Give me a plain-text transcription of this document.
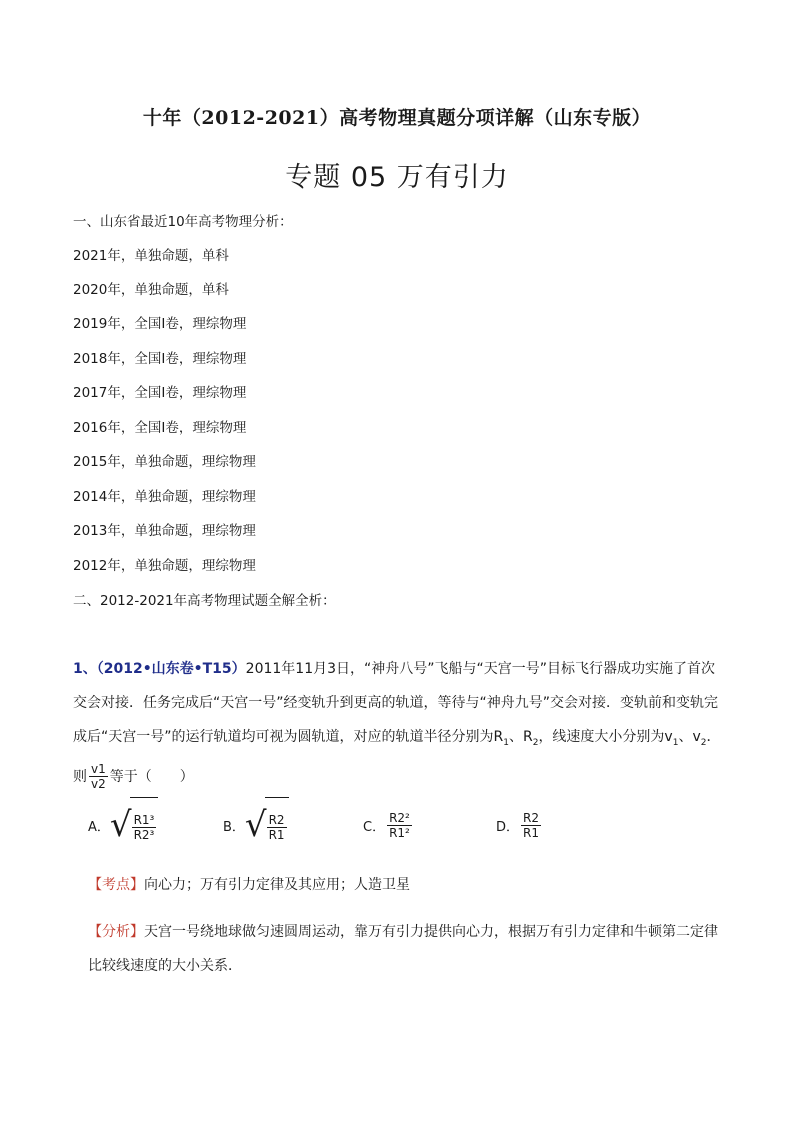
十年（2012-2021）高考物理真题分项详解（山东专版）
专题 05 万有引力
一、山东省最近10年高考物理分析：
2021年，单独命题，单科
2020年，单独命题，单科
2019年，全国I卷，理综物理
2018年，全国I卷，理综物理
2017年，全国I卷，理综物理
2016年，全国I卷，理综物理
2015年，单独命题，理综物理
2014年，单独命题，理综物理
2013年，单独命题，理综物理
2012年，单独命题，理综物理
二、2012-2021年高考物理试题全解全析：
1、（2012•山东卷•T15）2011年11月3日，“神舟八号”飞船与“天宫一号”目标飞行器成功实施了首次交会对接．任务完成后“天宫一号”经变轨升到更高的轨道，等待与“神舟九号”交会对接．变轨前和变轨完成后“天宫一号”的运行轨道均可视为圆轨道，对应的轨道半径分别为$R_1$、$R_2$，线速度大小分别为$v_1$、$v_2$．则 $\frac{v1}{v2}$ 等于（　　）
A． √ $\frac{\text{R1³}}{\text{R2³}}$	B． √ $\frac{R2}{R1}$	C． $\frac{\text{R2²}}{\text{R1²}}$	D． $\frac{R2}{R1}$
【考点】向心力；万有引力定律及其应用；人造卫星
【分析】天宫一号绕地球做匀速圆周运动，靠万有引力提供向心力，根据万有引力定律和牛顿第二定律比较线速度的大小关系．
